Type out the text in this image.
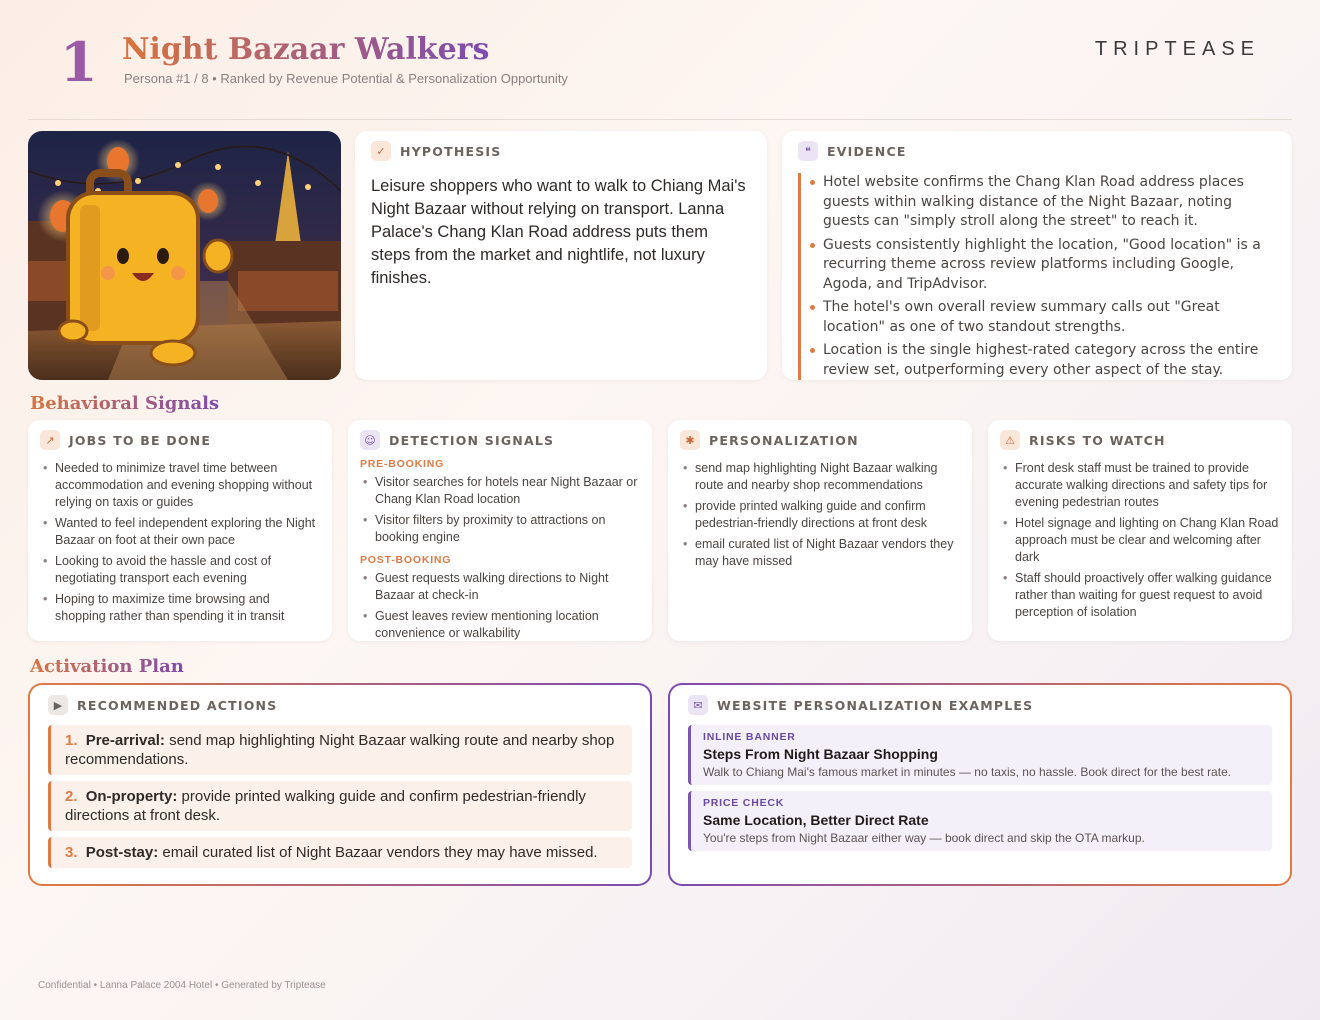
1 Night Bazaar Walkers
Persona #1 / 8 • Ranked by Revenue Potential & Personalization Opportunity
TRIPTEASE
✓	HYPOTHESIS
Leisure shoppers who want to walk to Chiang Mai's Night Bazaar without relying on transport. Lanna Palace's Chang Klan Road address puts them steps from the market and nightlife, not luxury finishes.
❝	EVIDENCE
Hotel website confirms the Chang Klan Road address places guests within walking distance of the Night Bazaar, noting guests can "simply stroll along the street" to reach it.
Guests consistently highlight the location, "Good location" is a recurring theme across review platforms including Google, Agoda, and TripAdvisor.
The hotel's own overall review summary calls out "Great location" as one of two standout strengths.
Location is the single highest-rated category across the entire review set, outperforming every other aspect of the stay.
Behavioral Signals
↗	JOBS TO BE DONE
• Needed to minimize travel time between accommodation and evening shopping without relying on taxis or guides
• Wanted to feel independent exploring the Night Bazaar on foot at their own pace
• Looking to avoid the hassle and cost of negotiating transport each evening
• Hoping to maximize time browsing and shopping rather than spending it in transit
☺	DETECTION SIGNALS
PRE-BOOKING
• Visitor searches for hotels near Night Bazaar or Chang Klan Road location
• Visitor filters by proximity to attractions on booking engine
POST-BOOKING
• Guest requests walking directions to Night Bazaar at check-in
• Guest leaves review mentioning location convenience or walkability
✱	PERSONALIZATION
• send map highlighting Night Bazaar walking route and nearby shop recommendations
• provide printed walking guide and confirm pedestrian-friendly directions at front desk
• email curated list of Night Bazaar vendors they may have missed
⚠	RISKS TO WATCH
• Front desk staff must be trained to provide accurate walking directions and safety tips for evening pedestrian routes
• Hotel signage and lighting on Chang Klan Road approach must be clear and welcoming after dark
• Staff should proactively offer walking guidance rather than waiting for guest request to avoid perception of isolation
Activation Plan
▶	RECOMMENDED ACTIONS
1. Pre-arrival: send map highlighting Night Bazaar walking route and nearby shop recommendations.
2. On-property: provide printed walking guide and confirm pedestrian-friendly directions at front desk.
3. Post-stay: email curated list of Night Bazaar vendors they may have missed.
✉	WEBSITE PERSONALIZATION EXAMPLES
INLINE BANNER
Steps From Night Bazaar Shopping
Walk to Chiang Mai's famous market in minutes — no taxis, no hassle. Book direct for the best rate.
PRICE CHECK
Same Location, Better Direct Rate
You're steps from Night Bazaar either way — book direct and skip the OTA markup.
Confidential • Lanna Palace 2004 Hotel • Generated by Triptease
